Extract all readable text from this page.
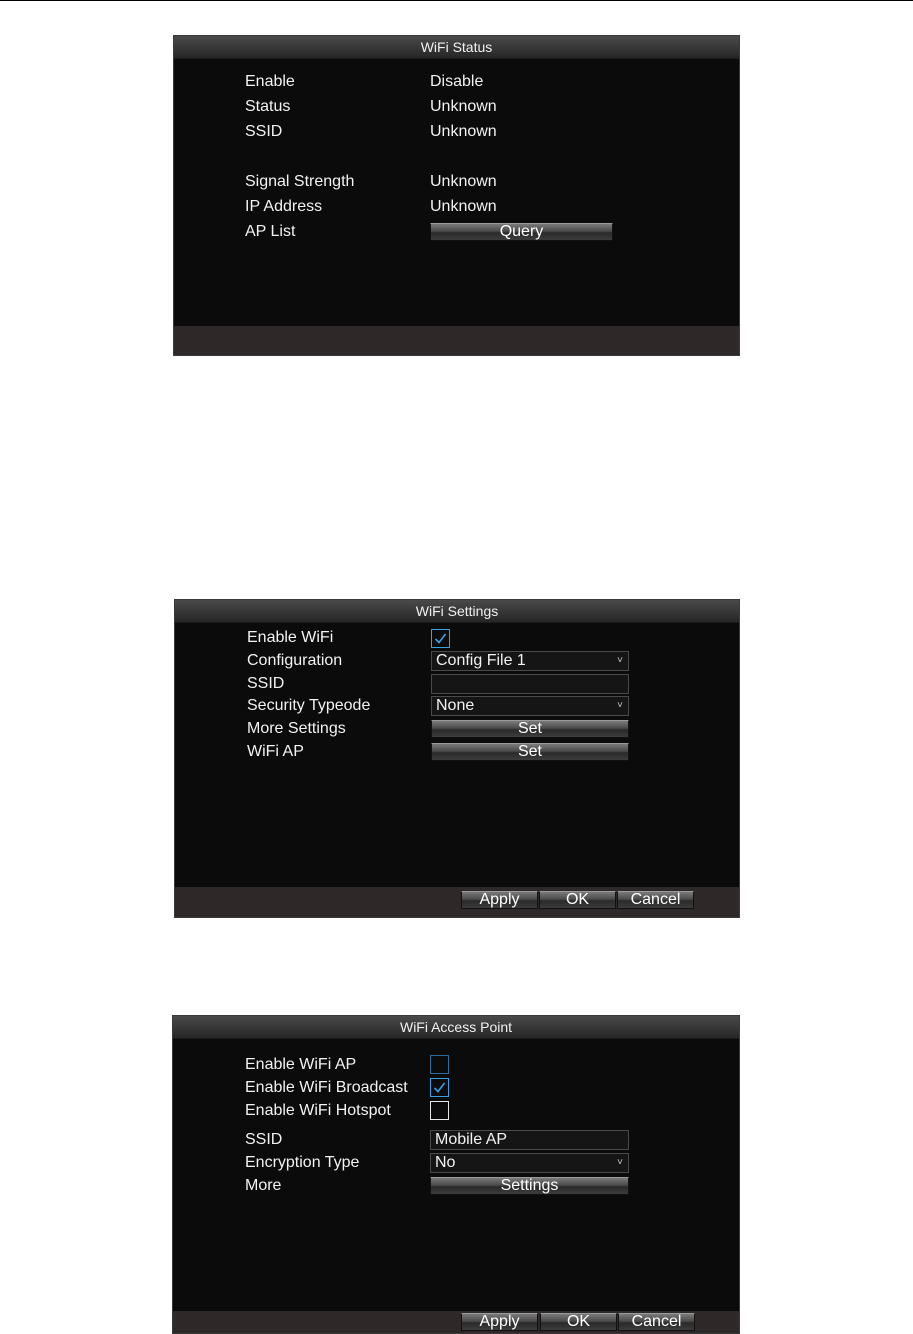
WiFi Status
Enable	Disable
Status	Unknown
SSID	Unknown
Signal Strength	Unknown
IP Address	Unknown
AP List	Query
WiFi Settings
Enable WiFi
Configuration	Config File 1	˅
SSID
Security Typeode	None	˅
More Settings	Set
WiFi AP	Set
Apply	OK	Cancel
WiFi Access Point
Enable WiFi AP
Enable WiFi Broadcast
Enable WiFi Hotspot
SSID	Mobile AP
Encryption Type	No	˅
More	Settings
Apply	OK	Cancel
